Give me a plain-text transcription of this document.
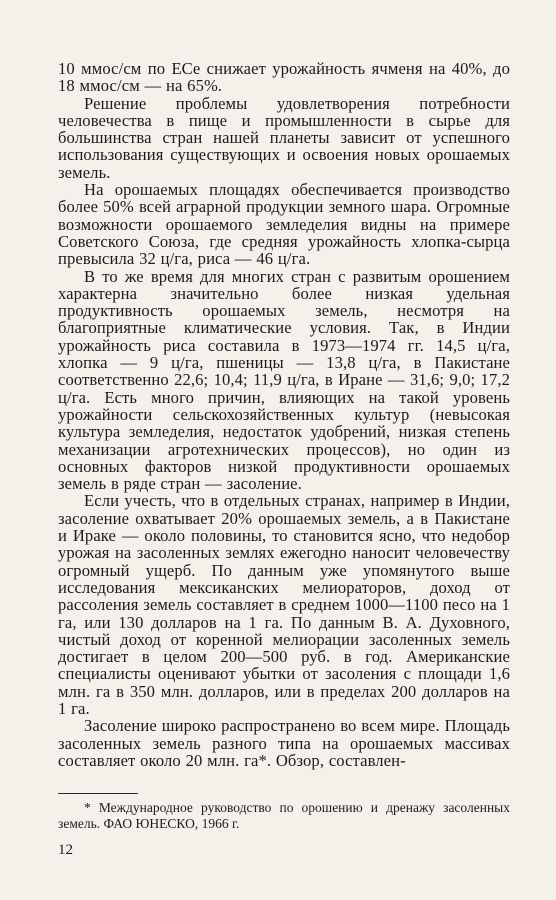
10 ммос/см по ECe снижает урожайность ячменя на 40%, до 18 ммос/см — на 65%.

Решение проблемы удовлетворения потребности человечества в пище и промышленности в сырье для большинства стран нашей планеты зависит от успешного использования существующих и освоения новых орошаемых земель.

На орошаемых площадях обеспечивается производство более 50% всей аграрной продукции земного шара. Огромные возможности орошаемого земледелия видны на примере Советского Союза, где средняя урожайность хлопка-сырца превысила 32 ц/га, риса — 46 ц/га.

В то же время для многих стран с развитым орошением характерна значительно более низкая удельная продуктивность орошаемых земель, несмотря на благоприятные климатические условия. Так, в Индии урожайность риса составила в 1973—1974 гг. 14,5 ц/га, хлопка — 9 ц/га, пшеницы — 13,8 ц/га, в Пакистане соответственно 22,6; 10,4; 11,9 ц/га, в Иране — 31,6; 9,0; 17,2 ц/га. Есть много причин, влияющих на такой уровень урожайности сельскохозяйственных культур (невысокая культура земледелия, недостаток удобрений, низкая степень механизации агротехнических процессов), но один из основных факторов низкой продуктивности орошаемых земель в ряде стран — засоление.

Если учесть, что в отдельных странах, например в Индии, засоление охватывает 20% орошаемых земель, а в Пакистане и Ираке — около половины, то становится ясно, что недобор урожая на засоленных землях ежегодно наносит человечеству огромный ущерб. По данным уже упомянутого выше исследования мексиканских мелиораторов, доход от рассоления земель составляет в среднем 1000—1100 песо на 1 га, или 130 долларов на 1 га. По данным В. А. Духовного, чистый доход от коренной мелиорации засоленных земель достигает в целом 200—500 руб. в год. Американские специалисты оценивают убытки от засоления с площади 1,6 млн. га в 350 млн. долларов, или в пределах 200 долларов на 1 га.

Засоление широко распространено во всем мире. Площадь засоленных земель разного типа на орошаемых массивах составляет около 20 млн. га*. Обзор, составлен-

* Международное руководство по орошению и дренажу засоленных земель. ФАО ЮНЕСКО, 1966 г.

12
